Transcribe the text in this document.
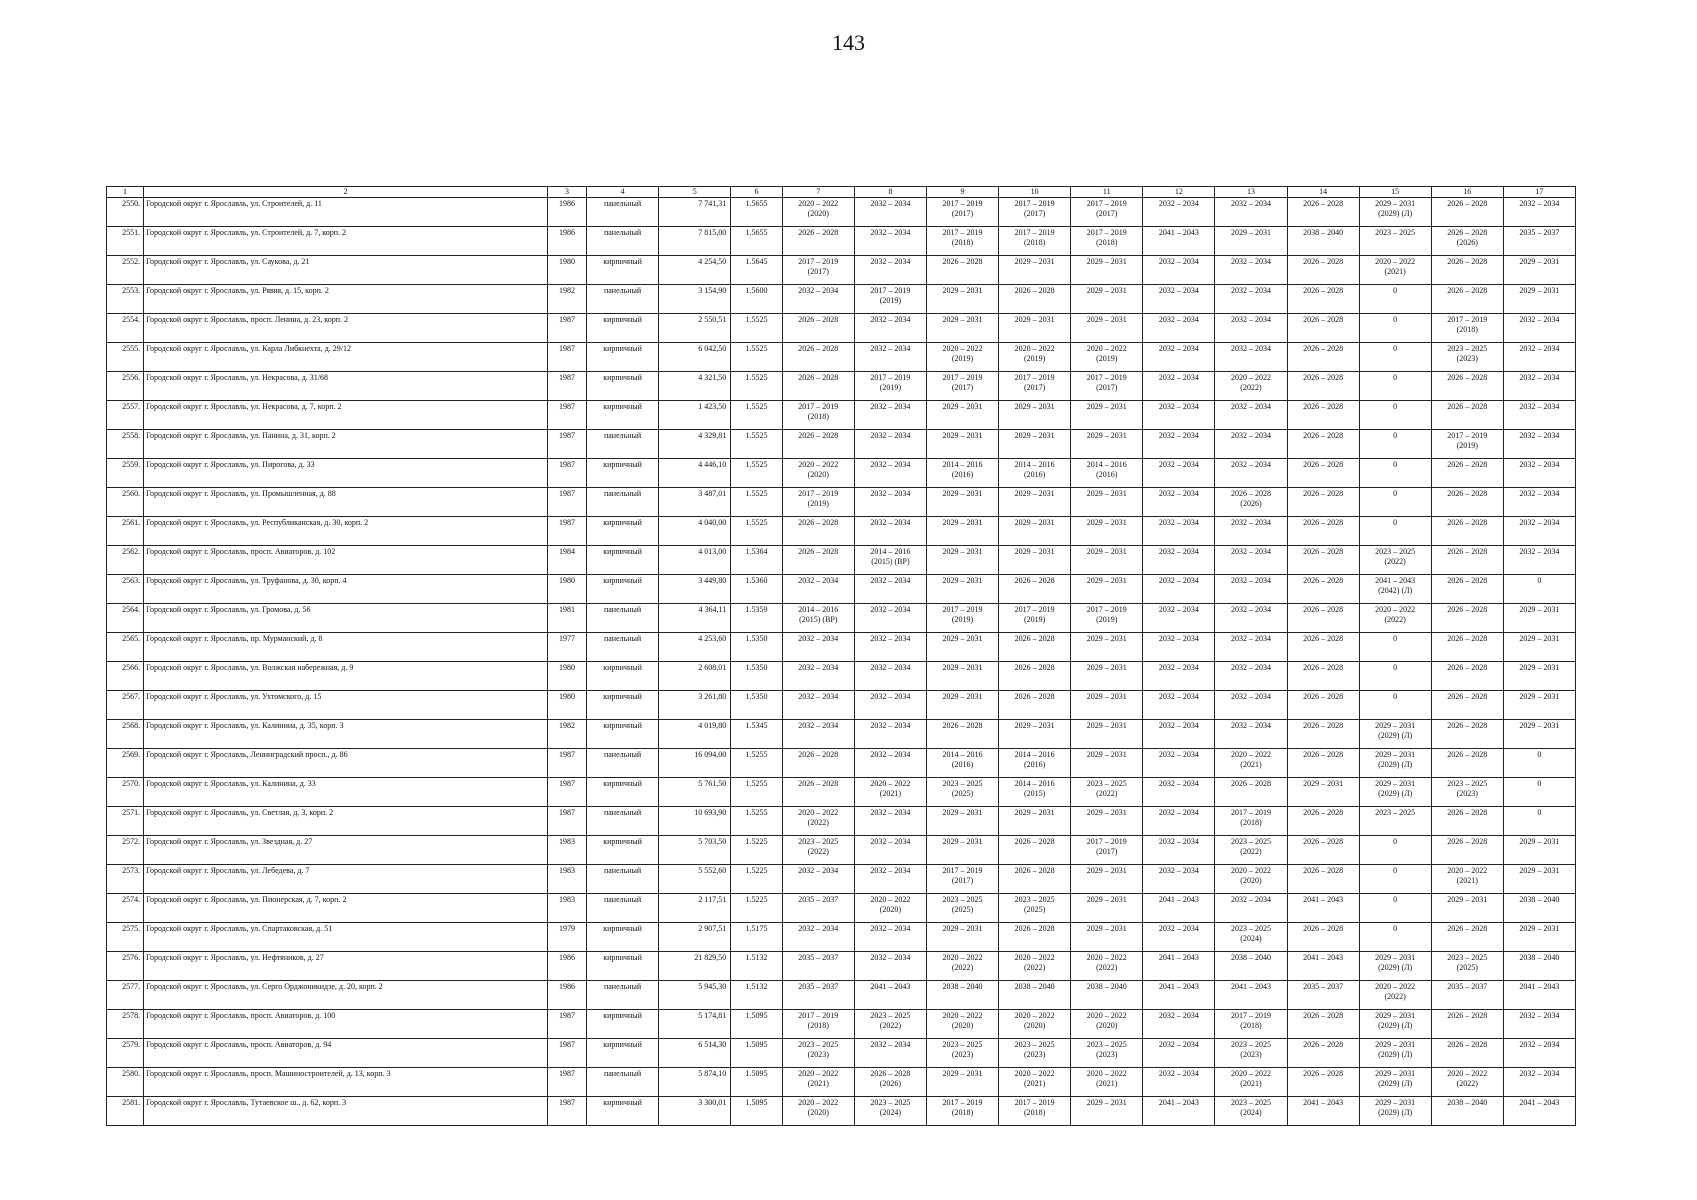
143
1	2	3	4	5	6	7	8	9	10	11	12	13	14	15	16	17
2550.	Городской округ г. Ярославль, ул. Строителей, д. 11	1986	панельный	7 741,31	1.5655	2020 – 2022
(2020)	2032 – 2034	2017 – 2019
(2017)	2017 – 2019
(2017)	2017 – 2019
(2017)	2032 – 2034	2032 – 2034	2026 – 2028	2029 – 2031
(2029) (Л)	2026 – 2028	2032 – 2034
2551.	Городской округ г. Ярославль, ул. Строителей, д. 7, корп. 2	1986	панельный	7 815,00	1.5655	2026 – 2028	2032 – 2034	2017 – 2019
(2018)	2017 – 2019
(2018)	2017 – 2019
(2018)	2041 – 2043	2029 – 2031	2038 – 2040	2023 – 2025	2026 – 2028
(2026)	2035 – 2037
2552.	Городской округ г. Ярославль, ул. Саукова, д. 21	1980	кирпичный	4 254,50	1.5645	2017 – 2019
(2017)	2032 – 2034	2026 – 2028	2029 – 2031	2029 – 2031	2032 – 2034	2032 – 2034	2026 – 2028	2020 – 2022
(2021)	2026 – 2028	2029 – 2031
2553.	Городской округ г. Ярославль, ул. Рявяя, д. 15, корп. 2	1982	панельный	3 154,90	1.5600	2032 – 2034	2017 – 2019
(2019)	2029 – 2031	2026 – 2028	2029 – 2031	2032 – 2034	2032 – 2034	2026 – 2028	0	2026 – 2028	2029 – 2031
2554.	Городской округ г. Ярославль, просп. Ленина, д. 23, корп. 2	1987	кирпичный	2 550,51	1.5525	2026 – 2028	2032 – 2034	2029 – 2031	2029 – 2031	2029 – 2031	2032 – 2034	2032 – 2034	2026 – 2028	0	2017 – 2019
(2018)	2032 – 2034
2555.	Городской округ г. Ярославль, ул. Карла Либкнехта, д. 29/12	1987	кирпичный	6 042,50	1.5525	2026 – 2028	2032 – 2034	2020 – 2022
(2019)	2020 – 2022
(2019)	2020 – 2022
(2019)	2032 – 2034	2032 – 2034	2026 – 2028	0	2023 – 2025
(2023)	2032 – 2034
2556.	Городской округ г. Ярославль, ул. Некрасова, д. 31/68	1987	кирпичный	4 321,50	1.5525	2026 – 2028	2017 – 2019
(2019)	2017 – 2019
(2017)	2017 – 2019
(2017)	2017 – 2019
(2017)	2032 – 2034	2020 – 2022
(2022)	2026 – 2028	0	2026 – 2028	2032 – 2034
2557.	Городской округ г. Ярославль, ул. Некрасова, д. 7, корп. 2	1987	кирпичный	1 423,50	1.5525	2017 – 2019
(2018)	2032 – 2034	2029 – 2031	2029 – 2031	2029 – 2031	2032 – 2034	2032 – 2034	2026 – 2028	0	2026 – 2028	2032 – 2034
2558.	Городской округ г. Ярославль, ул. Панина, д. 31, корп. 2	1987	панельный	4 329,81	1.5525	2026 – 2028	2032 – 2034	2029 – 2031	2029 – 2031	2029 – 2031	2032 – 2034	2032 – 2034	2026 – 2028	0	2017 – 2019
(2019)	2032 – 2034
2559.	Городской округ г. Ярославль, ул. Пирогова, д. 33	1987	кирпичный	4 446,10	1.5525	2020 – 2022
(2020)	2032 – 2034	2014 – 2016
(2016)	2014 – 2016
(2016)	2014 – 2016
(2016)	2032 – 2034	2032 – 2034	2026 – 2028	0	2026 – 2028	2032 – 2034
2560.	Городской округ г. Ярославль, ул. Промышленная, д. 88	1987	панельный	3 487,01	1.5525	2017 – 2019
(2019)	2032 – 2034	2029 – 2031	2029 – 2031	2029 – 2031	2032 – 2034	2026 – 2028
(2026)	2026 – 2028	0	2026 – 2028	2032 – 2034
2561.	Городской округ г. Ярославль, ул. Республиканская, д. 30, корп. 2	1987	кирпичный	4 040,00	1.5525	2026 – 2028	2032 – 2034	2029 – 2031	2029 – 2031	2029 – 2031	2032 – 2034	2032 – 2034	2026 – 2028	0	2026 – 2028	2032 – 2034
2562.	Городской округ г. Ярославль, просп. Авиаторов, д. 102	1984	кирпичный	4 013,00	1.5364	2026 – 2028	2014 – 2016
(2015) (ВР)	2029 – 2031	2029 – 2031	2029 – 2031	2032 – 2034	2032 – 2034	2026 – 2028	2023 – 2025
(2022)	2026 – 2028	2032 – 2034
2563.	Городской округ г. Ярославль, ул. Труфанова, д. 30, корп. 4	1980	кирпичный	3 449,80	1.5360	2032 – 2034	2032 – 2034	2029 – 2031	2026 – 2028	2029 – 2031	2032 – 2034	2032 – 2034	2026 – 2028	2041 – 2043
(2042) (Л)	2026 – 2028	0
2564.	Городской округ г. Ярославль, ул. Громова, д. 56	1981	панельный	4 364,11	1.5359	2014 – 2016
(2015) (ВР)	2032 – 2034	2017 – 2019
(2019)	2017 – 2019
(2019)	2017 – 2019
(2019)	2032 – 2034	2032 – 2034	2026 – 2028	2020 – 2022
(2022)	2026 – 2028	2029 – 2031
2565.	Городской округ г. Ярославль, пр. Мурманский, д. 8	1977	панельный	4 253,60	1.5350	2032 – 2034	2032 – 2034	2029 – 2031	2026 – 2028	2029 – 2031	2032 – 2034	2032 – 2034	2026 – 2028	0	2026 – 2028	2029 – 2031
2566.	Городской округ г. Ярославль, ул. Волжская набережная, д. 9	1980	кирпичный	2 608,01	1.5350	2032 – 2034	2032 – 2034	2029 – 2031	2026 – 2028	2029 – 2031	2032 – 2034	2032 – 2034	2026 – 2028	0	2026 – 2028	2029 – 2031
2567.	Городской округ г. Ярославль, ул. Ухтомского, д. 15	1980	кирпичный	3 261,80	1.5350	2032 – 2034	2032 – 2034	2029 – 2031	2026 – 2028	2029 – 2031	2032 – 2034	2032 – 2034	2026 – 2028	0	2026 – 2028	2029 – 2031
2568.	Городской округ г. Ярославль, ул. Калинина, д. 35, корп. 3	1982	кирпичный	4 019,80	1.5345	2032 – 2034	2032 – 2034	2026 – 2028	2029 – 2031	2029 – 2031	2032 – 2034	2032 – 2034	2026 – 2028	2029 – 2031
(2029) (Л)	2026 – 2028	2029 – 2031
2569.	Городской округ г. Ярославль, Ленинградский просп., д. 86	1987	панельный	16 094,00	1.5255	2026 – 2028	2032 – 2034	2014 – 2016
(2016)	2014 – 2016
(2016)	2029 – 2031	2032 – 2034	2020 – 2022
(2021)	2026 – 2028	2029 – 2031
(2029) (Л)	2026 – 2028	0
2570.	Городской округ г. Ярославль, ул. Калинина, д. 33	1987	кирпичный	5 761,50	1.5255	2026 – 2028	2020 – 2022
(2021)	2023 – 2025
(2025)	2014 – 2016
(2015)	2023 – 2025
(2022)	2032 – 2034	2026 – 2028	2029 – 2031	2029 – 2031
(2029) (Л)	2023 – 2025
(2023)	0
2571.	Городской округ г. Ярославль, ул. Светлая, д. 3, корп. 2	1987	панельный	10 693,90	1.5255	2020 – 2022
(2022)	2032 – 2034	2029 – 2031	2029 – 2031	2029 – 2031	2032 – 2034	2017 – 2019
(2018)	2026 – 2028	2023 – 2025	2026 – 2028	0
2572.	Городской округ г. Ярославль, ул. Звездная, д. 27	1983	кирпичный	5 703,50	1.5225	2023 – 2025
(2022)	2032 – 2034	2029 – 2031	2026 – 2028	2017 – 2019
(2017)	2032 – 2034	2023 – 2025
(2022)	2026 – 2028	0	2026 – 2028	2029 – 2031
2573.	Городской округ г. Ярославль, ул. Лебедева, д. 7	1983	панельный	5 552,60	1.5225	2032 – 2034	2032 – 2034	2017 – 2019
(2017)	2026 – 2028	2029 – 2031	2032 – 2034	2020 – 2022
(2020)	2026 – 2028	0	2020 – 2022
(2021)	2029 – 2031
2574.	Городской округ г. Ярославль, ул. Пионерская, д. 7, корп. 2	1983	панельный	2 117,51	1.5225	2035 – 2037	2020 – 2022
(2020)	2023 – 2025
(2025)	2023 – 2025
(2025)	2029 – 2031	2041 – 2043	2032 – 2034	2041 – 2043	0	2029 – 2031	2038 – 2040
2575.	Городской округ г. Ярославль, ул. Спартаковская, д. 51	1979	кирпичный	2 907,51	1.5175	2032 – 2034	2032 – 2034	2029 – 2031	2026 – 2028	2029 – 2031	2032 – 2034	2023 – 2025
(2024)	2026 – 2028	0	2026 – 2028	2029 – 2031
2576.	Городской округ г. Ярославль, ул. Нефтяников, д. 27	1986	кирпичный	21 829,50	1.5132	2035 – 2037	2032 – 2034	2020 – 2022
(2022)	2020 – 2022
(2022)	2020 – 2022
(2022)	2041 – 2043	2038 – 2040	2041 – 2043	2029 – 2031
(2029) (Л)	2023 – 2025
(2025)	2038 – 2040
2577.	Городской округ г. Ярославль, ул. Серго Орджоникидзе, д. 20, корп. 2	1986	панельный	5 945,30	1.5132	2035 – 2037	2041 – 2043	2038 – 2040	2038 – 2040	2038 – 2040	2041 – 2043	2041 – 2043	2035 – 2037	2020 – 2022
(2022)	2035 – 2037	2041 – 2043
2578.	Городской округ г. Ярославль, просп. Авиаторов, д. 100	1987	кирпичный	5 174,81	1.5095	2017 – 2019
(2018)	2023 – 2025
(2022)	2020 – 2022
(2020)	2020 – 2022
(2020)	2020 – 2022
(2020)	2032 – 2034	2017 – 2019
(2018)	2026 – 2028	2029 – 2031
(2029) (Л)	2026 – 2028	2032 – 2034
2579.	Городской округ г. Ярославль, просп. Авиаторов, д. 94	1987	кирпичный	6 514,30	1.5095	2023 – 2025
(2023)	2032 – 2034	2023 – 2025
(2023)	2023 – 2025
(2023)	2023 – 2025
(2023)	2032 – 2034	2023 – 2025
(2023)	2026 – 2028	2029 – 2031
(2029) (Л)	2026 – 2028	2032 – 2034
2580.	Городской округ г. Ярославль, просп. Машиностроителей, д. 13, корп. 3	1987	панельный	5 874,10	1.5095	2020 – 2022
(2021)	2026 – 2028
(2026)	2029 – 2031	2020 – 2022
(2021)	2020 – 2022
(2021)	2032 – 2034	2020 – 2022
(2021)	2026 – 2028	2029 – 2031
(2029) (Л)	2020 – 2022
(2022)	2032 – 2034
2581.	Городской округ г. Ярославль, Тутаевское ш., д. 62, корп. 3	1987	кирпичный	3 300,01	1.5095	2020 – 2022
(2020)	2023 – 2025
(2024)	2017 – 2019
(2018)	2017 – 2019
(2018)	2029 – 2031	2041 – 2043	2023 – 2025
(2024)	2041 – 2043	2029 – 2031
(2029) (Л)	2038 – 2040	2041 – 2043
